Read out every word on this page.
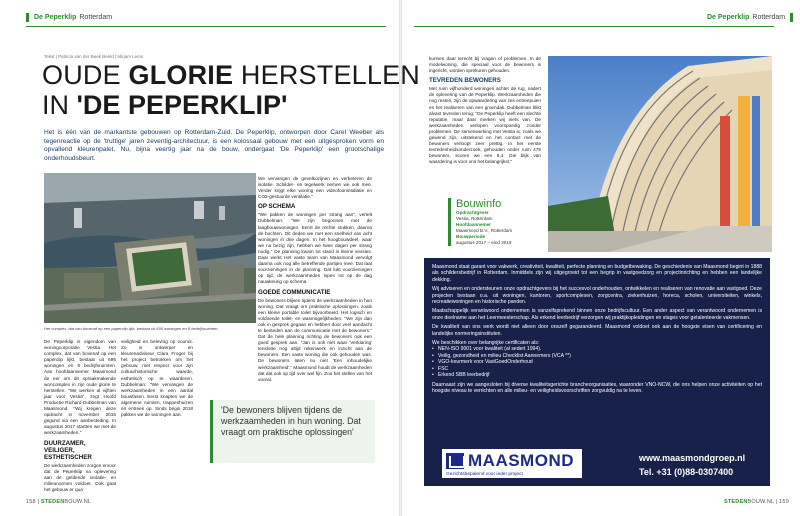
De Peperklip Rotterdam	De Peperklip Rotterdam
Tekst | Patricia van der Beek Beeld | Mirjam Lems
OUDE GLORIE HERSTELLEN
IN 'DE PEPERKLIP'
Het is één van de markantste gebouwen op Rotterdam-Zuid. De Peperklip, ontworpen door Carel Weeber als tegenreactie op de 'truttige' jaren zeventig-architectuur, is een kolossaal gebouw met een uitgesproken vorm en opvallend kleurenpalet. Nu, bijna veertig jaar na de bouw, ondergaat 'De Peperklip' een grootschalige onderhoudsbeurt.
Het complex, dat van bovenaf op een paperclip lijkt, bestaat uit 695 woningen en 8 bedrijfsruimten.

De Peperklip is eigendom van woningcorporatie Vestia. Het complex, dat van bovenaf op een paperclip lijkt, bestaat uit 695 woningen en 8 bedrijfsruimten. Aan hoofdaannemer Maasmond de eer om dit spraakmakende woncomplex in zijn oude glorie te herstellen. "We werken al vijftien jaar voor Vestia", zegt Hoofd Productie Richard Dubbelman van Maasmond. "Wij kregen deze opdracht in november 2016 gegund via een aanbesteding. In augustus 2017 startten we met de werkzaamheden."

DUURZAMER, VEILIGER, ESTHETISCHER

De werkzaamheden zorgen ervoor dat de Peperklip na oplevering aan de geldende isolatie- en milieunormen voldoet. Ook gaat het gebouw er qua

veiligheid en beleving op vooruit. Zo is ontwerper en kleurenadviseur Clara Froger bij het project betrokken om het gebouw, met respect voor zijn cultuurhistorische waarde, esthetisch op te waarderen. Dubbelman: "We vervangen de werkzaamheden in een aantal bouwfasen. Eerst knapten we de algemene ruimten, trappenhuizen en entrees op. Sinds begin 2018 pakken we de woningen aan.

We vervangen de gevelkozijnen en verbeteren de isolatie. Schilder- en tegelwerk nemen we ook mee. Verder krijgt elke woning een videofoonintallatie en CO2-gestuurde ventilatie."

OP SCHEMA

"We pakken de woningen per strang aan", vertelt Dubbelman. "We zijn begonnen met de laagbouwwoningen. Eerst de rechte stukken, daarna de bochten. Dit deden we met een snelheid van acht woningen in drie dagen. In het hoogbouwdeel, waar we nu bezig zijn, hebben we twee dagen per strang nodig." De planning kwam tot stand in kleine sessies. Daar werkt Het vaste team van Maasmond vervolgt daarna ook nog alle betreffende partijen mee. Dat laat voorzieningen in de planning. Dat lukt voorzieningen op tijd, de werkzaamheden lopen tot op de dag nauwkeurig op schema.

GOEDE COMMUNICATIE

De bewoners blijven tijdens de werkzaamheden in hun woning. Dat vraagt om praktische oplossingen, zoals een kleine portable toilet bijvoorbeeld. Het logisch en voldoende toilet- en wasmogelijkheden. "We zijn dan ook in gesprek gegaan en hebben door veel aandacht te besteden aan de communicatie met de bewoners." Dat de hele planning richting de bewoners ook een goed gesprek aan. "Jan is ook niet waar 'Verklaring' tenslotte nog altijd rekenwerk en inzicht aan de bewoners. Een vaste woning die ook gehouden was. De bewoners laten nu niet 'Een inhoudelijke werkzaamheid'." Maasmond houdt de werkzaamheden dat dat ook op tijd over wel fijn. Zou het stellen van het vooral.

'De bewoners blijven tijdens de werkzaamheden in hun woning. Dat vraagt om praktische oplossingen'

kunnen daar terecht bij vragen of problemen. In de modelwoning, die speciaal voor de bewoners is ingericht, worden sprekuren gehouden.

TEVREDEN BEWONERS

Met ruim vijfhonderd woningen achter de rug, nadert de oplevering van de Peperklip. Werkzaamheden die nog resten, zijn de opwaardering van zes entreepuien en het realiseren van een groendak. Dubbelman blikt alvast tevreden terug: "De Peperklip heeft een slechte reputatie, maar daar merken wij niets van. De werkzaamheden verlopen voorspoedig zonder problemen. De samenwerking met Vestia is, zoals we gewend zijn, uitstekend en het contact met de bewoners verloopt zeer prettig. In het eerste tevredenheidsonderzoek, gehouden onder ruim 475 bewoners, scoren we een 8,4. Die blijk van waardering is voor ons het belangrijkst."

Bouwinfo
Opdrachtgever
Vestia, Rotterdam
Hoofdaannemer
Maasmond B.V., Rotterdam
Bouwperiode
augustus 2017 – eind 2019

Maasmond staat garant voor vakwerk, creativiteit, kwaliteit, perfecte planning en budgetbewaking. De geschiedenis van Maasmond begint in 1888 als schildersbedrijf in Rotterdam. Inmiddels zijn wij uitgegroeid tot een begrip in vastgoedzorg en projectinrichting en hebben een landelijke dekking.

Wij adviseren en ondersteunen onze opdrachtgevers bij het succesvol onderhouden, ontwikkelen en realiseren van renovatie aan vastgoed. Deze projecten bestaan o.a. uit woningen, kantoren, sportcomplexen, zorgcentra, ziekenhuizen, horeca, scholen, universiteiten, winkels, recreatiewoningen en historische panden.

Maatschappelijk verantwoord ondernemen is vanzelfsprekend binnen onze bedrijfscultuur. Een ander aspect van verantwoord ondernemen is onze deelname aan het Leermeesterschap. Als erkend leerbedrijf verzorgen wij praktijkopleidingen en stages voor getalenteerde vakmensen.

De kwaliteit van ons werk wordt niet alleen door onszelf gegarandeerd. Maasmond voldoet ook aan de hoogste eisen van certificering en landelijke normeringsinstituten.

We beschikken over belangrijke certificaten als:

• NEN-ISO 9001 voor kwaliteit (al sedert 1994).
• Veilig, gezondheid en milieu Checklist Aannemers (VCA **)
• VGO-keurmerk voor VastGoedOnderhoud
• FSC
• Erkend SBB leerbedrijf

Daarnaast zijn we aangesloten bij diverse kwaliteitsgerichte brancheorganisaties, waaronder VNO-NCW, die ons helpen onze activiteiten op het hoogste niveau te verrichten en alle milieu- en veiligheidsvoorschriften zorgvuldig na te leven.

MAASMOND
Gezichtsbepalend voor ieder project
www.maasmondgroep.nl
Tel. +31 (0)88-0307400
158 | STEDENBOUW.NL	STEDENBOUW.NL | 159
